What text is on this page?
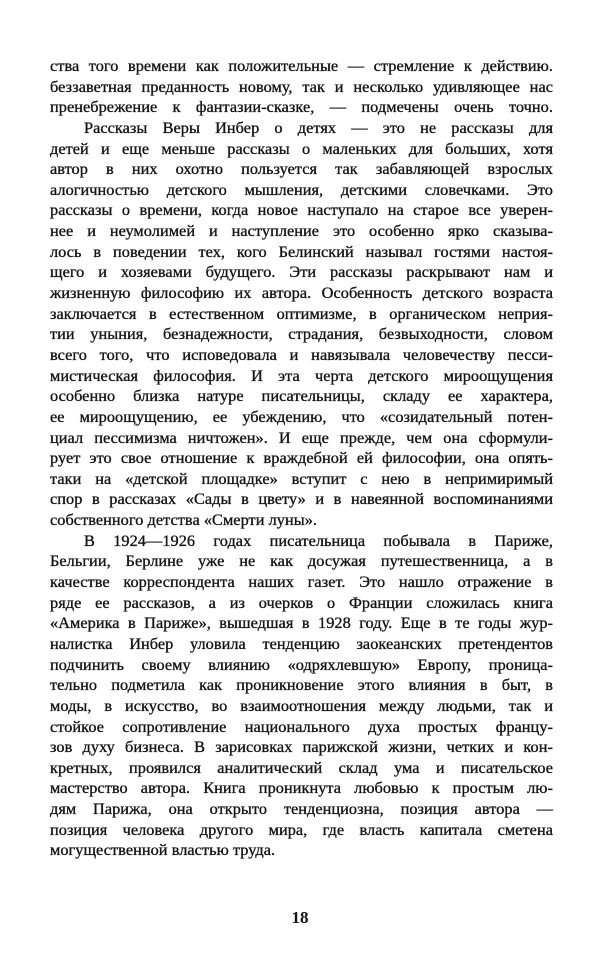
ства того времени как положительные — стремление к действию.
беззаветная преданность новому, так и несколько удивляющее нас
пренебрежение к фантазии-сказке, — подмечены очень точно.
Рассказы Веры Инбер о детях — это не рассказы для
детей и еще меньше рассказы о маленьких для больших, хотя
автор в них охотно пользуется так забавляющей взрослых
алогичностью детского мышления, детскими словечками. Это
рассказы о времени, когда новое наступало на старое все уверен-
нее и неумолимей и наступление это особенно ярко сказыва-
лось в поведении тех, кого Белинский называл гостями настоя-
щего и хозяевами будущего. Эти рассказы раскрывают нам и
жизненную философию их автора. Особенность детского возраста
заключается в естественном оптимизме, в органическом неприя-
тии уныния, безнадежности, страдания, безвыходности, словом
всего того, что исповедовала и навязывала человечеству песси-
мистическая философия. И эта черта детского мироощущения
особенно близка натуре писательницы, складу ее характера,
ее мироощущению, ее убеждению, что «созидательный потен-
циал пессимизма ничтожен». И еще прежде, чем она сформули-
рует это свое отношение к враждебной ей философии, она опять-
таки на «детской площадке» вступит с нею в непримиримый
спор в рассказах «Сады в цвету» и в навеянной воспоминаниями
собственного детства «Смерти луны».
В 1924—1926 годах писательница побывала в Париже,
Бельгии, Берлине уже не как досужая путешественница, а в
качестве корреспондента наших газет. Это нашло отражение в
ряде ее рассказов, а из очерков о Франции сложилась книга
«Америка в Париже», вышедшая в 1928 году. Еще в те годы жур-
налистка Инбер уловила тенденцию заокеанских претендентов
подчинить своему влиянию «одряхлевшую» Европу, проница-
тельно подметила как проникновение этого влияния в быт, в
моды, в искусство, во взаимоотношения между людьми, так и
стойкое сопротивление национального духа простых францу-
зов духу бизнеса. В зарисовках парижской жизни, четких и кон-
кретных, проявился аналитический склад ума и писательское
мастерство автора. Книга проникнута любовью к простым лю-
дям Парижа, она открыто тенденциозна, позиция автора —
позиция человека другого мира, где власть капитала сметена
могущественной властью труда.
18
